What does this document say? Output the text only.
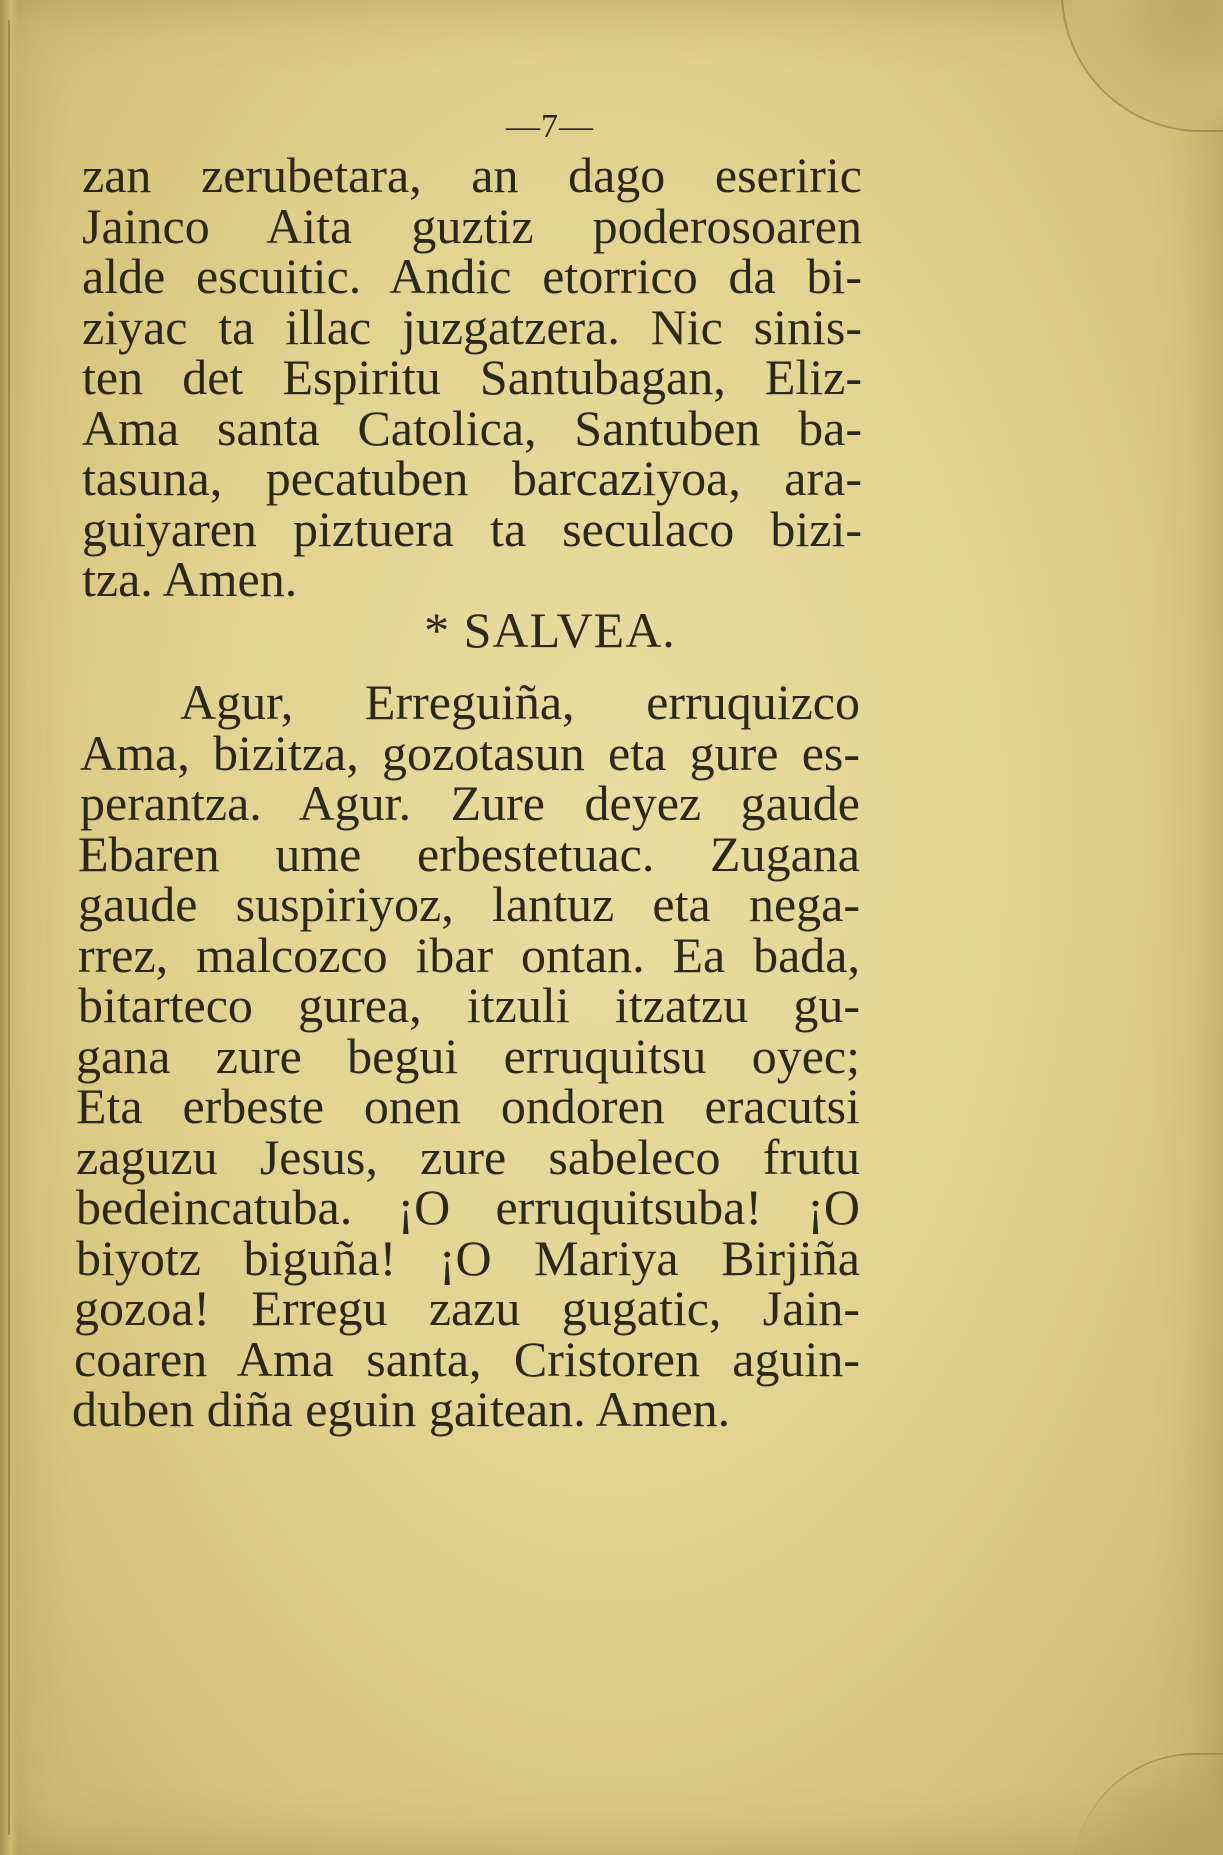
—7—
zan zerubetara, an dago eseriric
Jainco Aita guztiz poderosoaren
alde escuitic. Andic etorrico da bi-
ziyac ta illac juzgatzera. Nic sinis-
ten det Espiritu Santubagan, Eliz-
Ama santa Catolica, Santuben ba-
tasuna, pecatuben barcaziyoa, ara-
guiyaren piztuera ta seculaco bizi-
tza. Amen.
* SALVEA.
Agur, Erreguiña, erruquizco
Ama, bizitza, gozotasun eta gure es-
perantza. Agur. Zure deyez gaude
Ebaren ume erbestetuac. Zugana
gaude suspiriyoz, lantuz eta nega-
rrez, malcozco ibar ontan. Ea bada,
bitarteco gurea, itzuli itzatzu gu-
gana zure begui erruquitsu oyec;
Eta erbeste onen ondoren eracutsi
zaguzu Jesus, zure sabeleco frutu
bedeincatuba. ¡O erruquitsuba! ¡O
biyotz biguña! ¡O Mariya Birjiña
gozoa! Erregu zazu gugatic, Jain-
coaren Ama santa, Cristoren aguin-
duben diña eguin gaitean. Amen.
